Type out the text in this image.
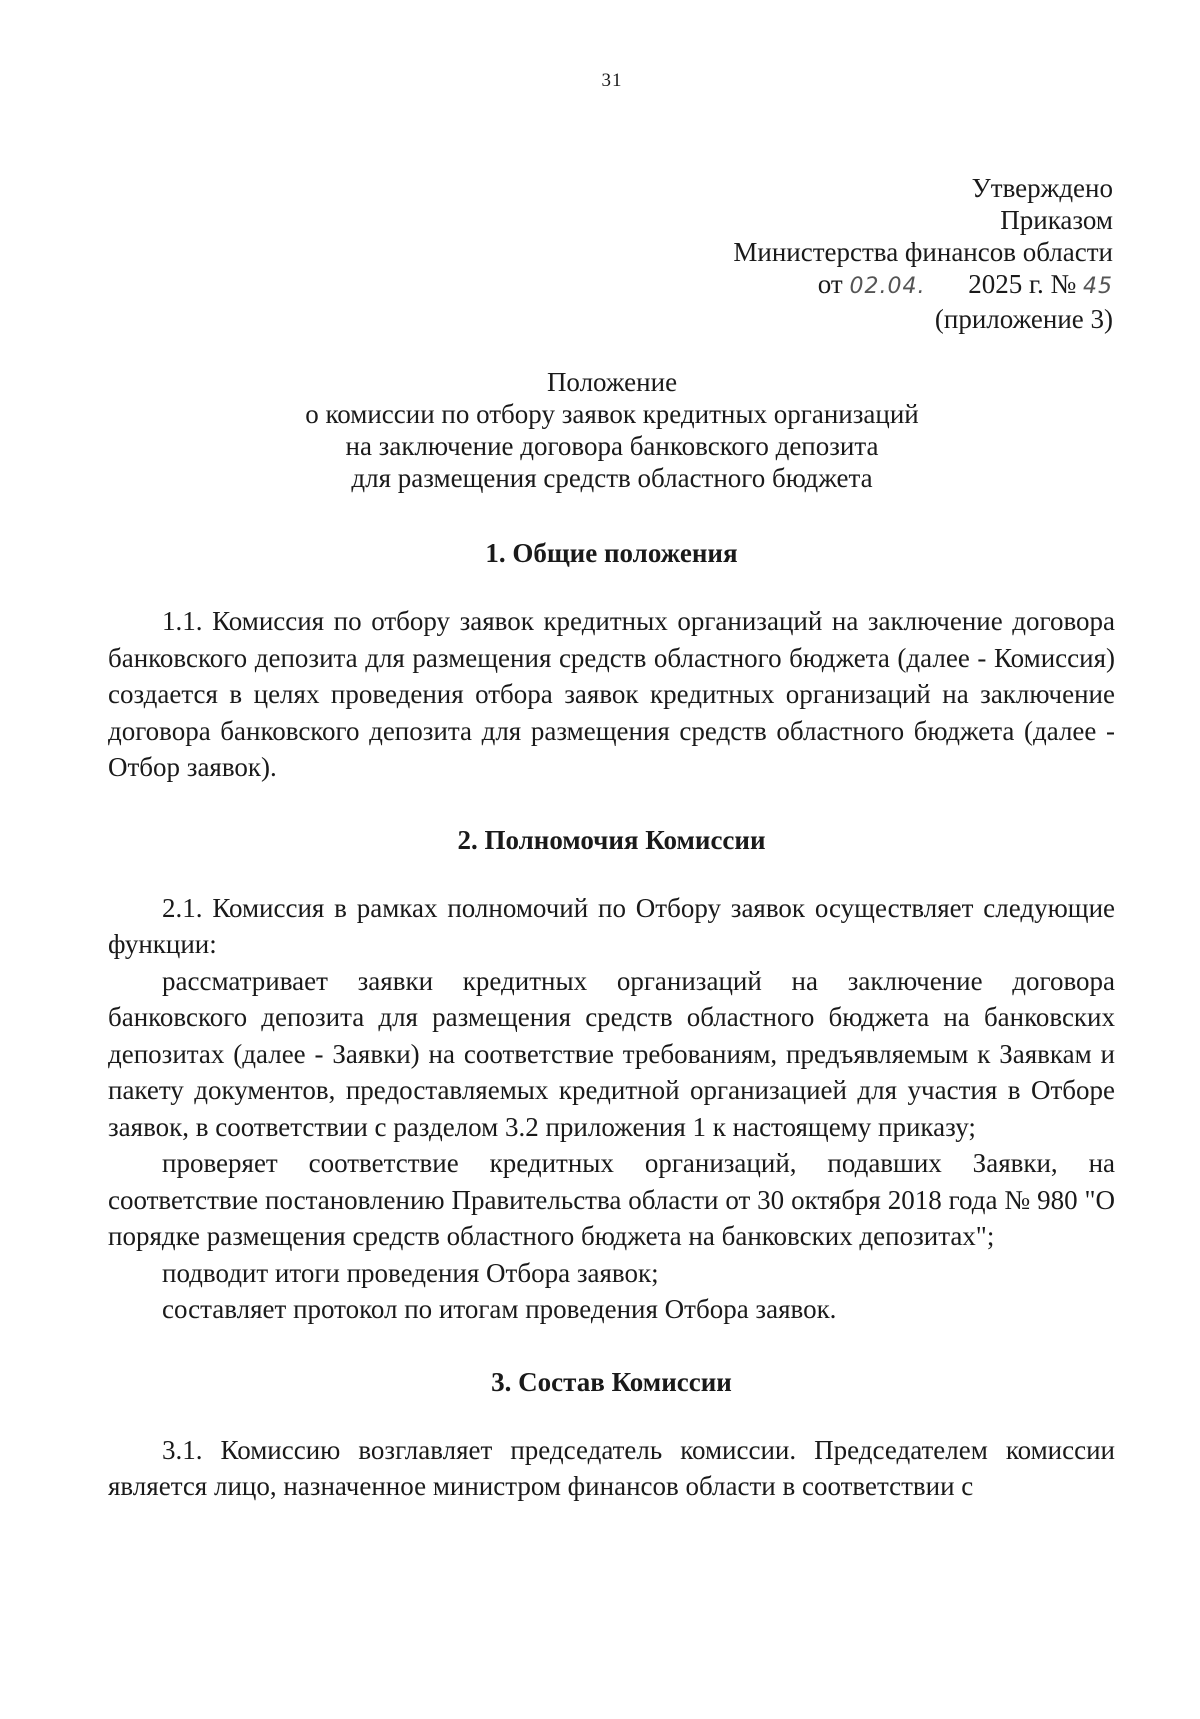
31
Утверждено
Приказом
Министерства финансов области
от 02.04. 2025 г. № 45
(приложение 3)
Положение
о комиссии по отбору заявок кредитных организаций
на заключение договора банковского депозита
для размещения средств областного бюджета
1. Общие положения

1.1. Комиссия по отбору заявок кредитных организаций на заключение договора банковского депозита для размещения средств областного бюджета (далее - Комиссия) создается в целях проведения отбора заявок кредитных организаций на заключение договора банковского депозита для размещения средств областного бюджета (далее - Отбор заявок).

2. Полномочия Комиссии

2.1. Комиссия в рамках полномочий по Отбору заявок осуществляет следующие функции:

рассматривает заявки кредитных организаций на заключение договора банковского депозита для размещения средств областного бюджета на банковских депозитах (далее - Заявки) на соответствие требованиям, предъявляемым к Заявкам и пакету документов, предоставляемых кредитной организацией для участия в Отборе заявок, в соответствии с разделом 3.2 приложения 1 к настоящему приказу;

проверяет соответствие кредитных организаций, подавших Заявки, на соответствие постановлению Правительства области от 30 октября 2018 года № 980 "О порядке размещения средств областного бюджета на банковских депозитах";

подводит итоги проведения Отбора заявок;

составляет протокол по итогам проведения Отбора заявок.

3. Состав Комиссии

3.1. Комиссию возглавляет председатель комиссии. Председателем комиссии является лицо, назначенное министром финансов области в соответствии с
